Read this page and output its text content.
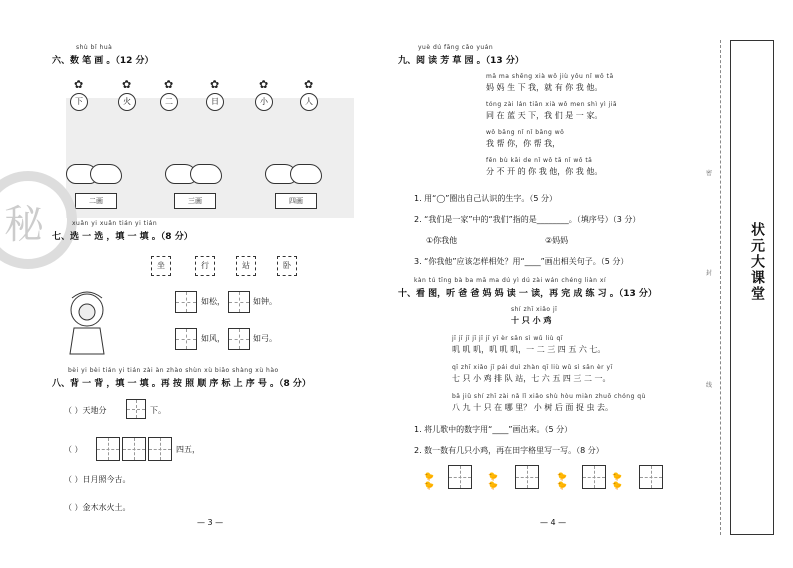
shù bǐ huà
六、数 笔 画 。（12 分）
下	火	二	日	小	人
✿	✿	✿	✿	✿	✿
二画	三画	四画
秘	xuǎn yi xuǎn tián yi tián
七、选 一 选 ，填 一 填 。（8 分）
坐	行	站	卧
如松，	如钟。
如风，	如弓。
bèi yi bèi tián yi tián zài àn zhào shùn xù biāo shàng xù hào
八、背 一 背 ，填 一 填 。再 按 照 顺 序 标 上 序 号 。（8 分）
（ ）天地分	下。
（ ）	四五，
（ ）日月照今古。
（ ）金木水火土。
— 3 —
yuè dú fāng cǎo yuán
九、阅 读 芳 草 园 。（13 分）
mā ma shēng xià wǒ jiù yǒu nǐ wǒ tā
妈 妈 生 下 我，就 有 你 我 他。
tóng zài lán tiān xià wǒ men shì yì jiā
同 在 蓝 天 下，我 们 是 一 家。
wǒ bāng nǐ nǐ bāng wǒ
我 帮 你，你 帮 我，
fēn bù kāi de nǐ wǒ tā nǐ wǒ tā
分 不 开 的 你 我 他，你 我 他。
1. 用“◯”圈出自己认识的生字。（5 分）
2. “我们是一家”中的“我们”指的是________。（填序号）（3 分）
①你我他	②妈妈
3. “你我他”应该怎样相处？用“____”画出相关句子。（5 分）
kàn tú tīng bà ba mā ma dú yì dú zài wán chéng liàn xí
十、看 图，听 爸 爸 妈 妈 读 一 读，再 完 成 练 习 。（13 分）
shí zhī xiǎo jī
十 只 小 鸡
jī jī jī jī jī jī yī èr sān sì wǔ liù qī
叽 叽 叽，叽 叽 叽，一 二 三 四 五 六 七。
qī zhī xiǎo jī pái duì zhàn qī liù wǔ sì sān èr yī
七 只 小 鸡 排 队 站，七 六 五 四 三 二 一。
bā jiǔ shí zhī zài nǎ lǐ xiǎo shù hòu miàn zhuō chóng qù
八 九 十 只 在 哪 里？ 小 树 后 面 捉 虫 去。
1. 将儿歌中的数字用“____”画出来。（5 分）
2. 数一数有几只小鸡，再在田字格里写一写。（8 分）
🐤🐤
🐤🐤
🐤🐤
🐤🐤
— 4 —
状元大课堂
密
封
线
